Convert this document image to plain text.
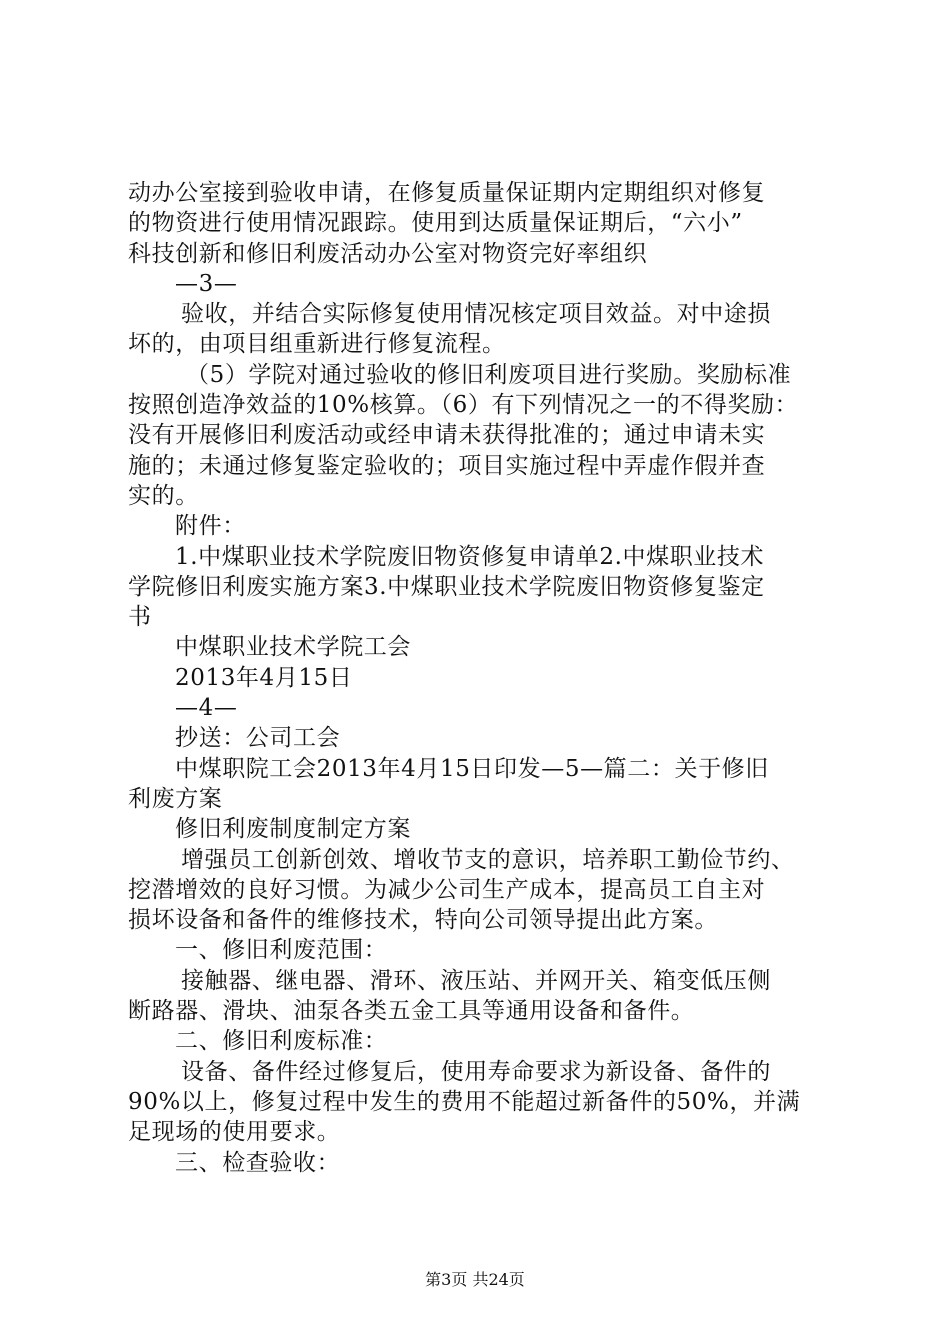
动办公室接到验收申请，在修复质量保证期内定期组织对修复
的物资进行使用情况跟踪。使用到达质量保证期后，“六小”
科技创新和修旧利废活动办公室对物资完好率组织
—3—
验收，并结合实际修复使用情况核定项目效益。对中途损
坏的，由项目组重新进行修复流程。
（5）学院对通过验收的修旧利废项目进行奖励。奖励标准
按照创造净效益的10%核算。（6）有下列情况之一的不得奖励：
没有开展修旧利废活动或经申请未获得批准的；通过申请未实
施的；未通过修复鉴定验收的；项目实施过程中弄虚作假并查
实的。
附件：
1.中煤职业技术学院废旧物资修复申请单2.中煤职业技术
学院修旧利废实施方案3.中煤职业技术学院废旧物资修复鉴定
书
中煤职业技术学院工会
2013年4月15日
—4—
抄送：公司工会
中煤职院工会2013年4月15日印发—5—篇二：关于修旧
利废方案
修旧利废制度制定方案
增强员工创新创效、增收节支的意识，培养职工勤俭节约、
挖潜增效的良好习惯。为减少公司生产成本，提高员工自主对
损坏设备和备件的维修技术，特向公司领导提出此方案。
一、修旧利废范围：
接触器、继电器、滑环、液压站、并网开关、箱变低压侧
断路器、滑块、油泵各类五金工具等通用设备和备件。
二、修旧利废标准：
设备、备件经过修复后，使用寿命要求为新设备、备件的
90%以上，修复过程中发生的费用不能超过新备件的50%，并满
足现场的使用要求。
三、检查验收：
第3页 共24页
